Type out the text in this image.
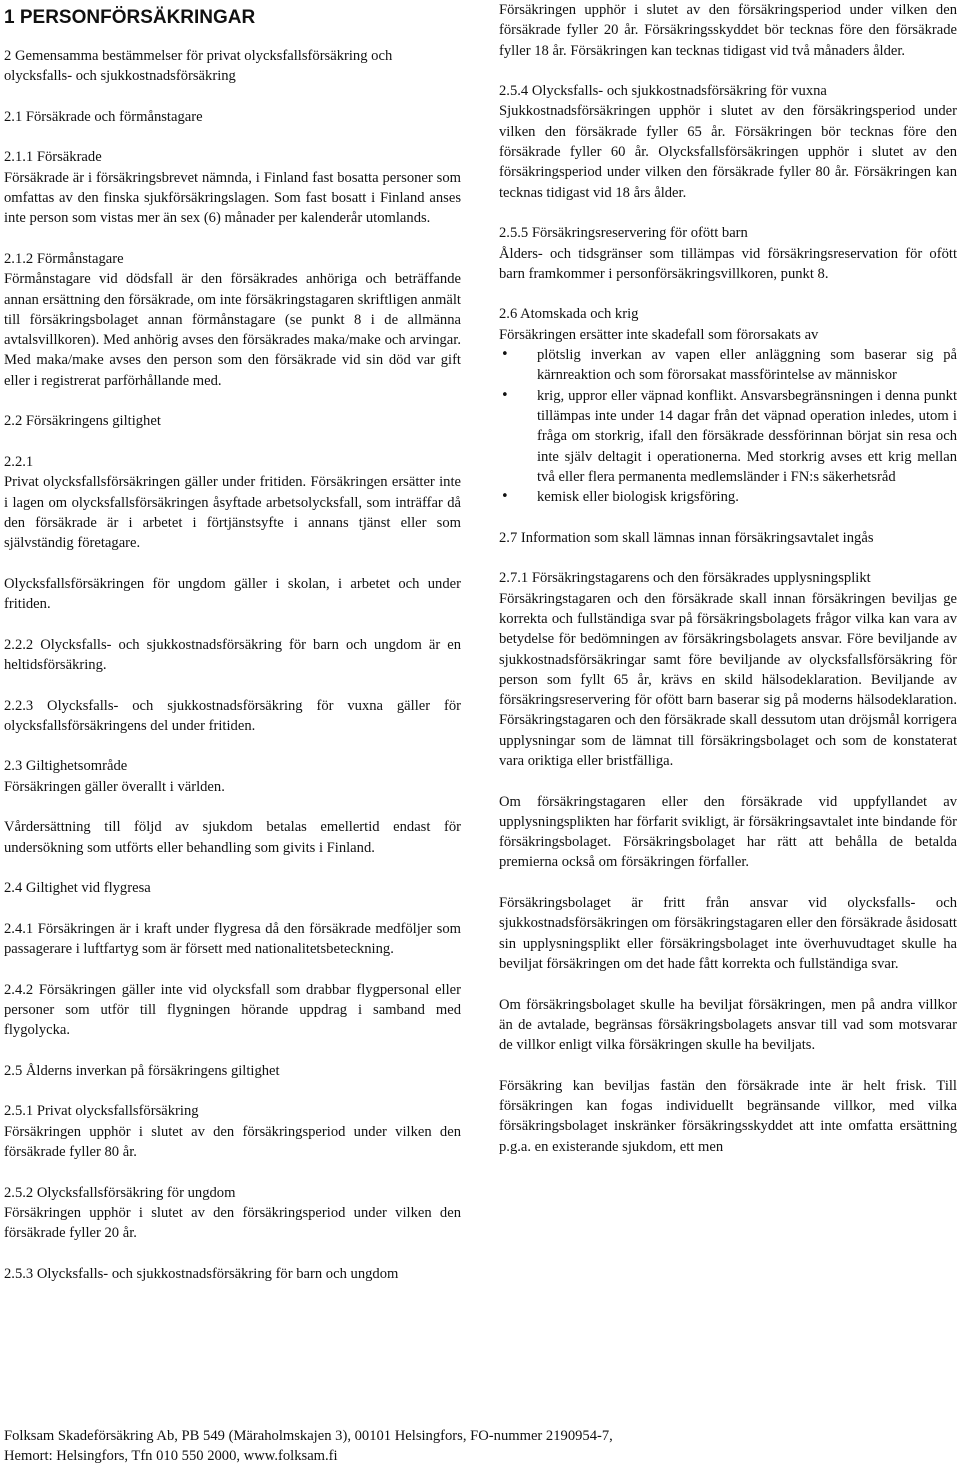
1 PERSONFÖRSÄKRINGAR

2 Gemensamma bestämmelser för privat olycksfallsförsäkring och olycksfalls- och sjukkostnadsförsäkring

2.1 Försäkrade och förmånstagare

2.1.1 Försäkrade

Försäkrade är i försäkringsbrevet nämnda, i Finland fast bosatta personer som omfattas av den finska sjukförsäkringslagen. Som fast bosatt i Finland anses inte person som vistas mer än sex (6) månader per kalenderår utomlands.

2.1.2 Förmånstagare

Förmånstagare vid dödsfall är den försäkrades anhöriga och beträffande annan ersättning den försäkrade, om inte försäkringstagaren skriftligen anmält till försäkringsbolaget annan förmånstagare (se punkt 8 i de allmänna avtalsvillkoren). Med anhörig avses den försäkrades maka/make och arvingar. Med maka/make avses den person som den försäkrade vid sin död var gift eller i registrerat parförhållande med.

2.2 Försäkringens giltighet

2.2.1

Privat olycksfallsförsäkringen gäller under fritiden. Försäkringen ersätter inte i lagen om olycksfallsförsäkringen åsyftade arbetsolycksfall, som inträffar då den försäkrade är i arbetet i förtjänstsyfte i annans tjänst eller som självständig företagare.

Olycksfallsförsäkringen för ungdom gäller i skolan, i arbetet och under fritiden.

2.2.2 Olycksfalls- och sjukkostnadsförsäkring för barn och ungdom är en heltidsförsäkring.

2.2.3 Olycksfalls- och sjukkostnadsförsäkring för vuxna gäller för olycksfallsförsäkringens del under fritiden.

2.3 Giltighetsområde

Försäkringen gäller överallt i världen.

Vårdersättning till följd av sjukdom betalas emellertid endast för undersökning som utförts eller behandling som givits i Finland.

2.4 Giltighet vid flygresa

2.4.1 Försäkringen är i kraft under flygresa då den försäkrade medföljer som passagerare i luftfartyg som är försett med nationalitetsbeteckning.

2.4.2 Försäkringen gäller inte vid olycksfall som drabbar flygpersonal eller personer som utför till flygningen hörande uppdrag i samband med flygolycka.

2.5 Ålderns inverkan på försäkringens giltighet

2.5.1 Privat olycksfallsförsäkring

Försäkringen upphör i slutet av den försäkringsperiod under vilken den försäkrade fyller 80 år.

2.5.2 Olycksfallsförsäkring för ungdom

Försäkringen upphör i slutet av den försäkringsperiod under vilken den försäkrade fyller 20 år.

2.5.3 Olycksfalls- och sjukkostnadsförsäkring för barn och ungdom

Försäkringen upphör i slutet av den försäkringsperiod under vilken den försäkrade fyller 20 år. Försäkringsskyddet bör tecknas före den försäkrade fyller 18 år. Försäkringen kan tecknas tidigast vid två månaders ålder.

2.5.4 Olycksfalls- och sjukkostnadsförsäkring för vuxna

Sjukkostnadsförsäkringen upphör i slutet av den försäkringsperiod under vilken den försäkrade fyller 65 år. Försäkringen bör tecknas före den försäkrade fyller 60 år. Olycksfallsförsäkringen upphör i slutet av den försäkringsperiod under vilken den försäkrade fyller 80 år. Försäkringen kan tecknas tidigast vid 18 års ålder.

2.5.5 Försäkringsreservering för ofött barn

Ålders- och tidsgränser som tillämpas vid försäkringsreservation för ofött barn framkommer i personförsäkringsvillkoren, punkt 8.

2.6 Atomskada och krig

Försäkringen ersätter inte skadefall som förorsakats av

• plötslig inverkan av vapen eller anläggning som baserar sig på kärnreaktion och som förorsakat massförintelse av människor
• krig, uppror eller väpnad konflikt. Ansvarsbegränsningen i denna punkt tillämpas inte under 14 dagar från det väpnad operation inledes, utom i fråga om storkrig, ifall den försäkrade dessförinnan börjat sin resa och inte själv deltagit i operationerna. Med storkrig avses ett krig mellan två eller flera permanenta medlemsländer i FN:s säkerhetsråd
• kemisk eller biologisk krigsföring.

2.7 Information som skall lämnas innan försäkringsavtalet ingås

2.7.1 Försäkringstagarens och den försäkrades upplysningsplikt

Försäkringstagaren och den försäkrade skall innan försäkringen beviljas ge korrekta och fullständiga svar på försäkringsbolagets frågor vilka kan vara av betydelse för bedömningen av försäkringsbolagets ansvar. Före beviljande av sjukkostnadsförsäkringar samt före beviljande av olycksfallsförsäkring för person som fyllt 65 år, krävs en skild hälsodeklaration. Beviljande av försäkringsreservering för ofött barn baserar sig på moderns hälsodeklaration. Försäkringstagaren och den försäkrade skall dessutom utan dröjsmål korrigera upplysningar som de lämnat till försäkringsbolaget och som de konstaterat vara oriktiga eller bristfälliga.

Om försäkringstagaren eller den försäkrade vid uppfyllandet av upplysningsplikten har förfarit svikligt, är försäkringsavtalet inte bindande för försäkringsbolaget. Försäkringsbolaget har rätt att behålla de betalda premierna också om försäkringen förfaller.

Försäkringsbolaget är fritt från ansvar vid olycksfalls- och sjukkostnadsförsäkringen om försäkringstagaren eller den försäkrade åsidosatt sin upplysningsplikt eller försäkringsbolaget inte överhuvudtaget skulle ha beviljat försäkringen om det hade fått korrekta och fullständiga svar.

Om försäkringsbolaget skulle ha beviljat försäkringen, men på andra villkor än de avtalade, begränsas försäkringsbolagets ansvar till vad som motsvarar de villkor enligt vilka försäkringen skulle ha beviljats.

Försäkring kan beviljas fastän den försäkrade inte är helt frisk. Till försäkringen kan fogas individuellt begränsande villkor, med vilka försäkringsbolaget inskränker försäkringsskyddet att inte omfatta ersättning p.g.a. en existerande sjukdom, ett men

Folksam Skadeförsäkring Ab, PB 549 (Märaholmskajen 3), 00101 Helsingfors, FO-nummer 2190954-7,
Hemort: Helsingfors, Tfn 010 550 2000, www.folksam.fi
